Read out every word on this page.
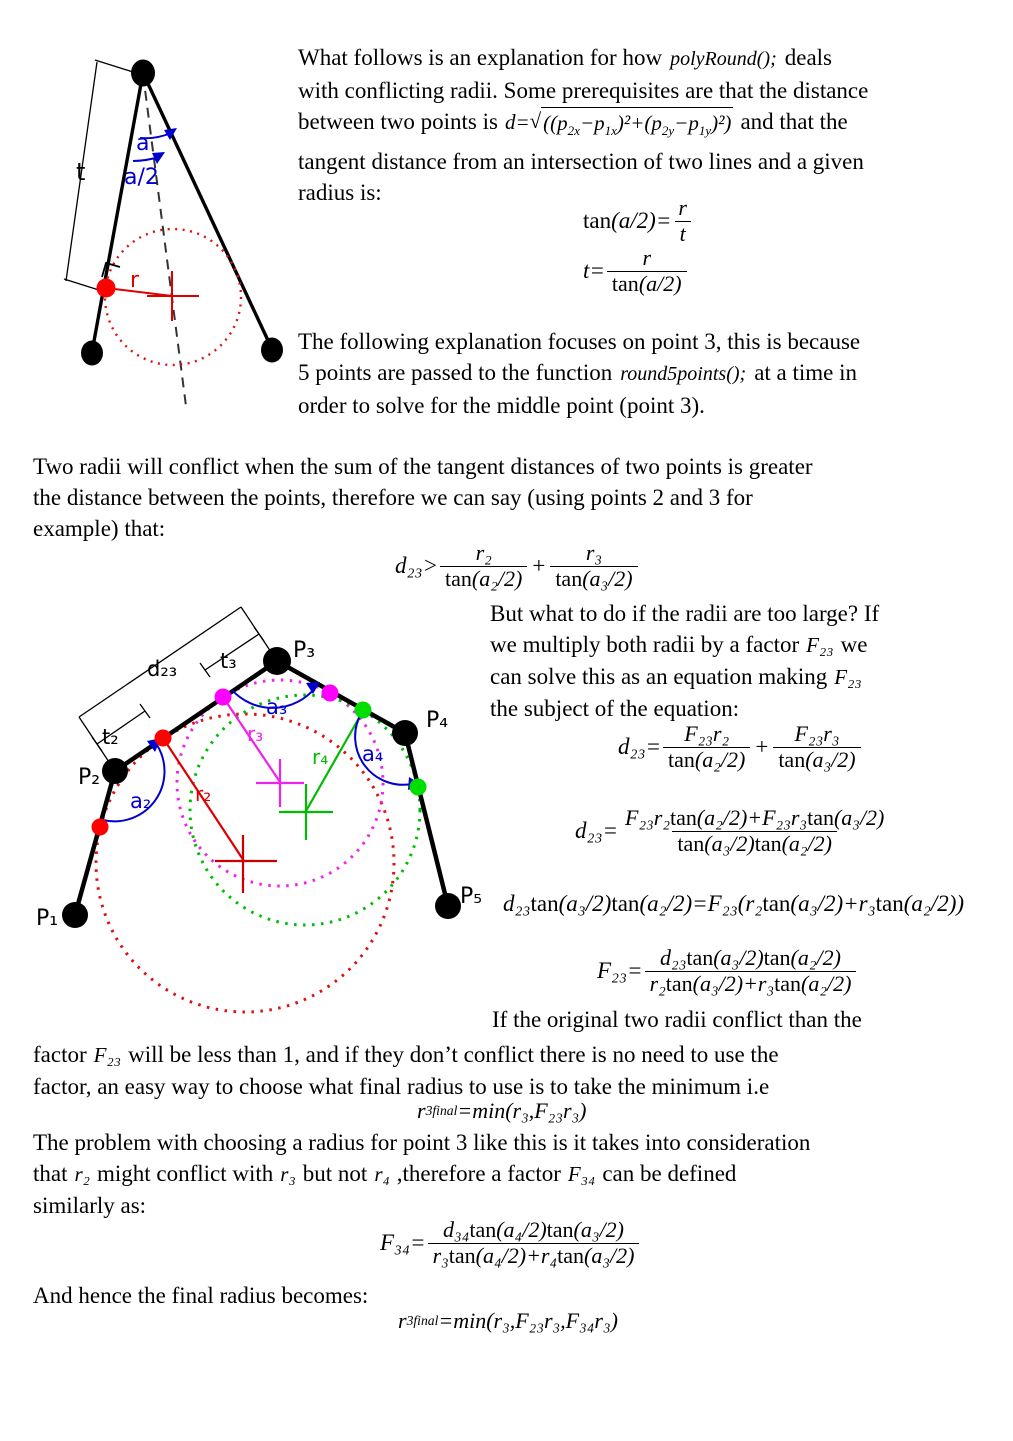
t
a
a/2
r
What follows is an explanation for how polyRound(); deals
with conflicting radii. Some prerequisites are that the distance
between two points is d= √ $((p_{2x}-p_{1x})^2+(p_{2y}-p_{1y})^2)$ and that the
tangent distance from an intersection of two lines and a given
radius is:
$\tan(a/2)= \frac{r}{t}$
$t= \frac{r}{\tan(a/2)}$
The following explanation focuses on point 3, this is because
5 points are passed to the function round5points(); at a time in
order to solve for the middle point (point 3).
Two radii will conflict when the sum of the tangent distances of two points is greater
the distance between the points, therefore we can say (using points 2 and 3 for
example) that:
$d_{23}> \frac{\text{r₂}}{\text{tan(a₂/2)}} + \frac{\text{r₃}}{\text{tan(a₃/2)}}$
P₁
P₂
P₃
P₄
P₅
d₂₃
t₂
t₃
a₂
a₃
a₄
r₂
r₃
r₄
But what to do if the radii are too large? If
we multiply both radii by a factor F₂₃ we
can solve this as an equation making F₂₃
the subject of the equation:
$d_{23}= \frac{\text{F₂₃r₂}}{\text{tan(a₂/2)}} + \frac{\text{F₂₃r₃}}{\text{tan(a₃/2)}}$
$d_{23}= \frac{\text{F₂₃r₂tan(a₂/2)+F₂₃r₃tan(a₃/2)}}{\text{tan(a₃/2)tan(a₂/2)}}$
d₂₃tan(a₃/2)tan(a₂/2)=F₂₃(r₂tan(a₃/2)+r₃tan(a₂/2))
$F_{23}= \frac{\text{d₂₃tan(a₃/2)tan(a₂/2)}}{\text{r₂tan(a₃/2)+r₃tan(a₂/2)}}$
If the original two radii conflict than the
factor F₂₃ will be less than 1, and if they don’t conflict there is no need to use the
factor, an easy way to choose what final radius to use is to take the minimum i.e
r 3final =min(r₃,F₂₃r₃)
The problem with choosing a radius for point 3 like this is it takes into consideration
that r₂ might conflict with r₃ but not r₄ ,therefore a factor F₃₄ can be defined
similarly as:
$F_{34}= \frac{\text{d₃₄tan(a₄/2)tan(a₃/2)}}{\text{r₃tan(a₄/2)+r₄tan(a₃/2)}}$
And hence the final radius becomes:
r 3final =min(r₃,F₂₃r₃,F₃₄r₃)
